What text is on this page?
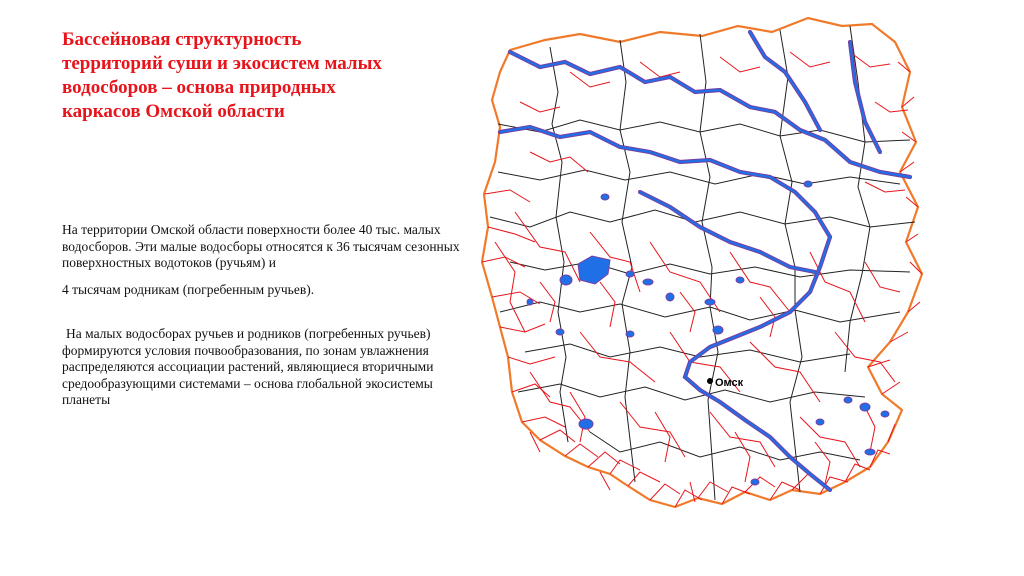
Бассейновая структурность территорий суши и экосистем малых водосборов – основа природных каркасов Омской области

На территории Омской области поверхности более 40 тыс. малых водосборов. Эти малые водосборы относятся к 36 тысячам сезонных поверхностных водотоков (ручьям) и

4 тысячам родникам (погребенным ручьев).

На малых водосборах ручьев и родников (погребенных ручьев) формируются условия почвообразования, по зонам увлажнения распределяются ассоциации растений, являющиеся вторичными средообразующими системами – основа глобальной экосистемы планеты

Омск
